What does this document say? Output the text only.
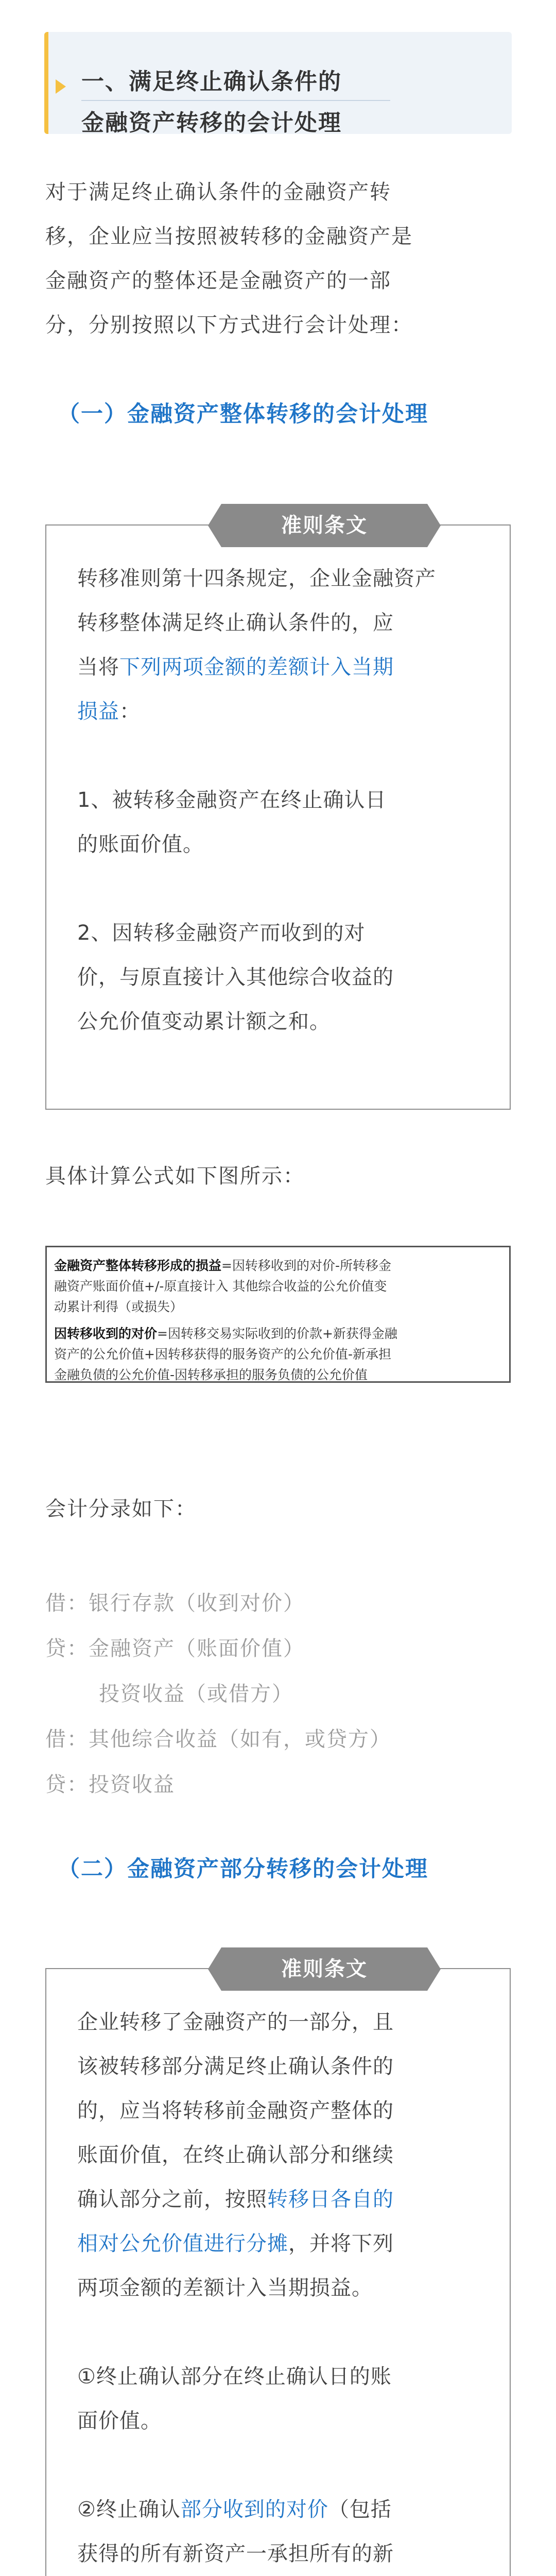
一、满足终止确认条件的
金融资产转移的会计处理
对于满足终止确认条件的金融资产转
移，企业应当按照被转移的金融资产是
金融资产的整体还是金融资产的一部
分，分别按照以下方式进行会计处理：
（一）金融资产整体转移的会计处理
准则条文
转移准则第十四条规定，企业金融资产
转移整体满足终止确认条件的，应
当将下列两项金额的差额计入当期
损益：
1、被转移金融资产在终止确认日
的账面价值。
2、因转移金融资产而收到的对
价，与原直接计入其他综合收益的
公允价值变动累计额之和。
具体计算公式如下图所示：
金融资产整体转移形成的损益=因转移收到的对价-所转移金
融资产账面价值+/-原直接计入 其他综合收益的公允价值变
动累计利得（或损失）
因转移收到的对价=因转移交易实际收到的价款+新获得金融
资产的公允价值+因转移获得的服务资产的公允价值-新承担
金融负债的公允价值-因转移承担的服务负债的公允价值
会计分录如下：
借：银行存款（收到对价）
贷：金融资产（账面价值）
投资收益（或借方）
借：其他综合收益（如有，或贷方）
贷：投资收益
（二）金融资产部分转移的会计处理
准则条文
企业转移了金融资产的一部分，且
该被转移部分满足终止确认条件的
的，应当将转移前金融资产整体的
账面价值，在终止确认部分和继续
确认部分之前，按照转移日各自的
相对公允价值进行分摊，并将下列
两项金额的差额计入当期损益。
①终止确认部分在终止确认日的账
面价值。
②终止确认部分收到的对价（包括
获得的所有新资产一承担所有的新
